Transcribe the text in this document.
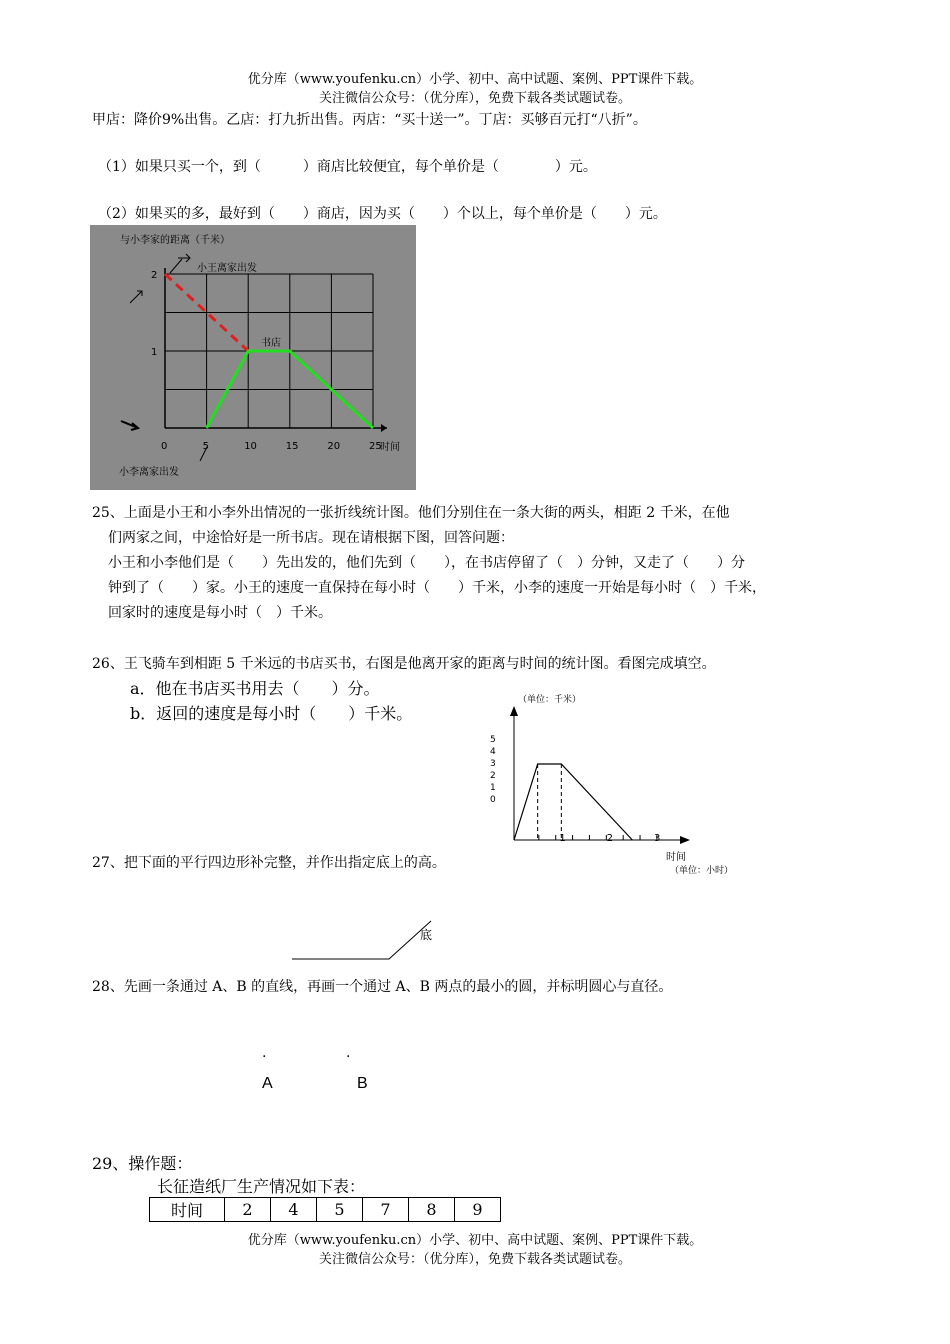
优分库（www.youfenku.cn）小学、初中、高中试题、案例、PPT课件下载。
关注微信公众号：（优分库），免费下载各类试题试卷。
甲店：降价9%出售。乙店：打九折出售。丙店：“买十送一”。丁店：买够百元打“八折”。
（1）如果只买一个，到（　　　）商店比较便宜，每个单价是（　　　　）元。
（2）如果买的多，最好到（　　）商店，因为买（　　）个以上，每个单价是（　　）元。
与小李家的距离（千米）
时间
小王离家出发
小李离家出发
书店
1
2
0	5	10	15	20	25
25、上面是小王和小李外出情况的一张折线统计图。他们分别住在一条大街的两头，相距 2 千米，在他
们两家之间，中途恰好是一所书店。现在请根据下图，回答问题：
小王和小李他们是（　　）先出发的，他们先到（　　），在书店停留了（　）分钟，又走了（　　）分
钟到了（　　）家。小王的速度一直保持在每小时（　　）千米，小李的速度一开始是每小时（　）千米，
回家时的速度是每小时（　）千米。
26、王飞骑车到相距 5 千米远的书店买书，右图是他离开家的距离与时间的统计图。看图完成填空。
a．他在书店买书用去（　　）分。
b．返回的速度是每小时（　　）千米。
（单位：千米）
5
4
3
2
1
0
1	2	3
时间
（单位：小时）
27、把下面的平行四边形补完整，并作出指定底上的高。
底
28、先画一条通过 A、B 的直线，再画一个通过 A、B 两点的最小的圆，并标明圆心与直径。
.	.
A	B
29、操作题：
长征造纸厂生产情况如下表：
时间	2	4	5	7	8	9
优分库（www.youfenku.cn）小学、初中、高中试题、案例、PPT课件下载。
关注微信公众号：（优分库），免费下载各类试题试卷。
